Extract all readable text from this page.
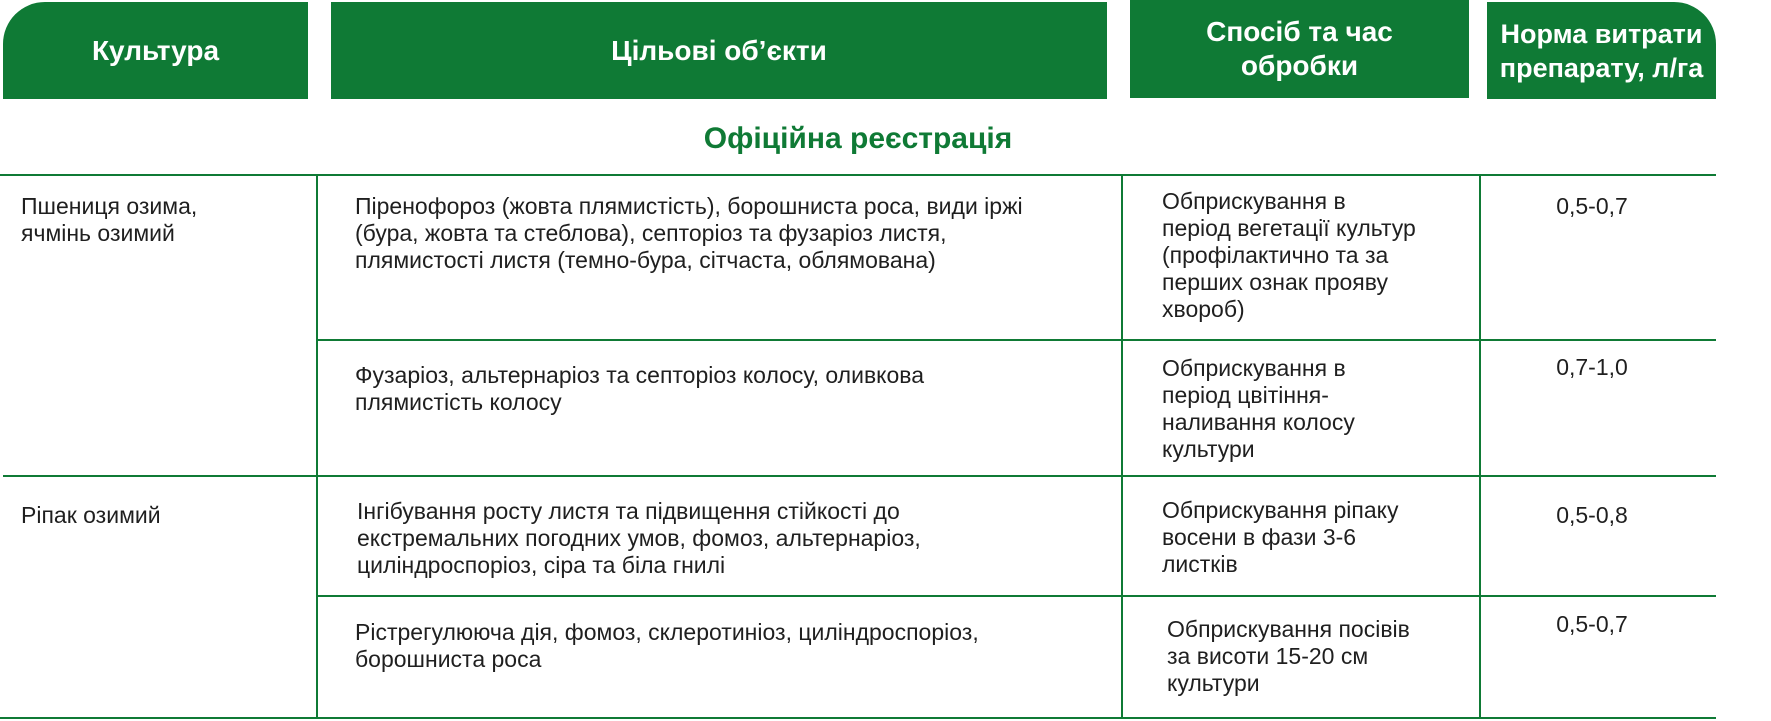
Культура	Цільові об’єкти
Спосіб та час
обробки
Норма витрати
препарату, л/га
Офіційна реєстрація
Пшениця озима,
ячмінь озимий
Піренофороз (жовта плямистість), борошниста роса, види іржі
(бура, жовта та стеблова), септоріоз та фузаріоз листя,
плямистості листя (темно-бура, сітчаста, облямована)
Обприскування в
період вегетації культур
(профілактично та за
перших ознак прояву
хвороб)
0,5-0,7
Фузаріоз, альтернаріоз та септоріоз колосу, оливкова
плямистість колосу
Обприскування в
період цвітіння-
наливання колосу
культури
0,7-1,0
Ріпак озимий	Інгібування росту листя та підвищення стійкості до
екстремальних погодних умов, фомоз, альтернаріоз,
циліндроспоріоз, сіра та біла гнилі
Обприскування ріпаку
восени в фази 3-6
листків
0,5-0,8
Рістрегулююча дія, фомоз, склеротиніоз, циліндроспоріоз,
борошниста роса
Обприскування посівів
за висоти 15-20 см
культури
0,5-0,7
